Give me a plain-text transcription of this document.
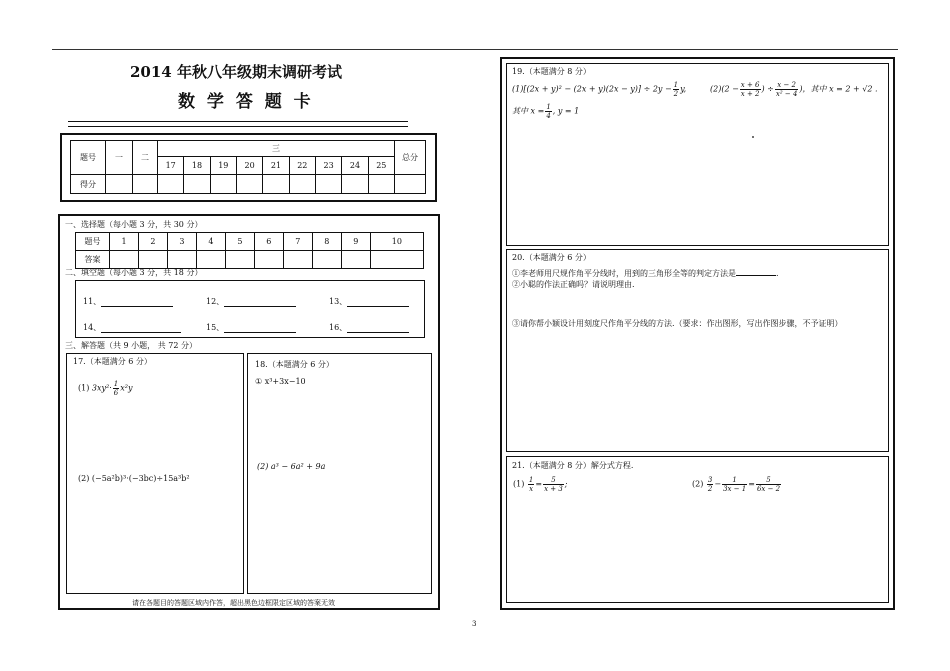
2014 年秋八年级期末调研考试
数 学 答 题 卡
题号	一	二	三									总分
			17	18	19	20	21	22	23	24	25	
得分												
一、选择题（每小题 3 分，共 30 分）
题号	1	2	3	4	5	6	7	8	9	10
答案										
二、填空题（每小题 3 分，共 18 分）
11、	12、	13、
14、	15、	16、
三、解答题（共 9 小题， 共 72 分）
17.（本题满分 6 分）
(1) $3xy^2\cdot \frac{1}{6} x^2y$
(2) (−5a²b)³·(−3bc)÷15a³b²
18.（本题满分 6 分）
① x³+3x−10
(2) a³ − 6a² + 9a
请在各题目的答题区域内作答，超出黑色边框限定区域的答案无效
19.（本题满分 8 分）
$(1)[(2x + y)^2 - (2x + y)(2x - y)] \div 2y - \frac{1}{2} y$,
其中 $x = \frac{1}{4}$ , y = 1
$(2)(2 - \frac{x + 6}{x + 2}$ ) ÷ $\frac{x - 2}{\text{x² − 4}}$ )，其中 x = 2 + √2 .
20.（本题满分 6 分）
①李老师用尺规作角平分线时，用到的三角形全等的判定方法是	.
②小聪的作法正确吗？请说明理由.
③请你帮小颖设计用刻度尺作角平分线的方法.（要求：作出图形，写出作图步骤，不予证明）
21.（本题满分 8 分）解分式方程.
$(1) \frac{1}{x} = \frac{5}{x + 3}$ ;	$(2) \frac{3}{2} - \frac{1}{3x - 1} = \frac{5}{6x - 2}$
3
